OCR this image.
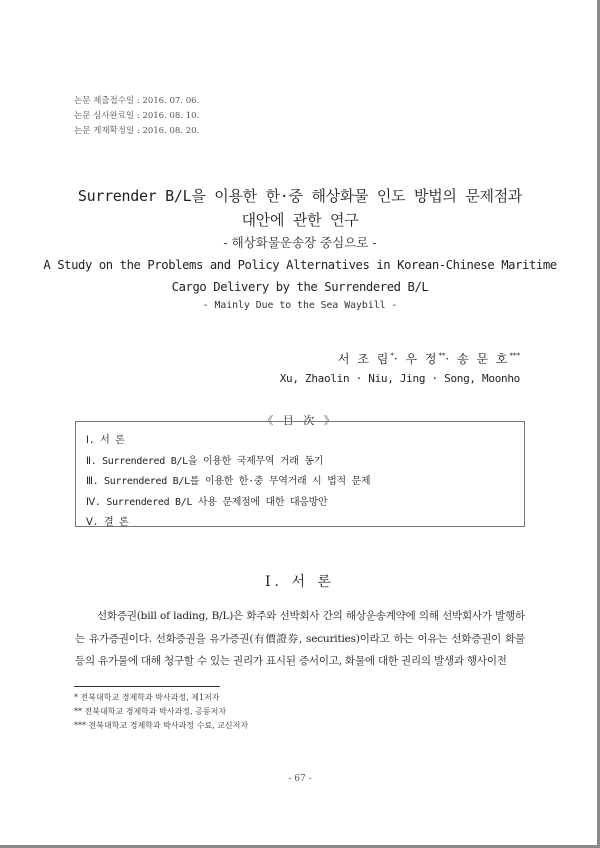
논문 제출접수일 : 2016. 07. 06.
논문 심사완료일 : 2016. 08. 10.
논문 게재확정일 : 2016. 08. 20.
Surrender B/L을 이용한 한·중 해상화물 인도 방법의 문제점과
대안에 관한 연구
- 해상화물운송장 중심으로 -
A Study on the Problems and Policy Alternatives in Korean-Chinese Maritime
Cargo Delivery by the Surrendered B/L
- Mainly Due to the Sea Waybill -
서 조 림*· 우 정**· 송 문 호***
Xu, Zhaolin · Niu, Jing · Song, Moonho
《 目 次 》
Ⅰ. 서 론
Ⅱ. Surrendered B/L을 이용한 국제무역 거래 동기
Ⅲ. Surrendered B/L를 이용한 한·중 무역거래 시 법적 문제
Ⅳ. Surrendered B/L 사용 문제점에 대한 대응방안
Ⅴ. 결 론
Ⅰ. 서 론

선화증권(bill of lading, B/L)은 화주와 선박회사 간의 해상운송계약에 의해 선박회사가 발행하는 유가증권이다. 선화증권을 유가증권(有價證券, securities)이라고 하는 이유는 선화증권이 화물 등의 유가물에 대해 청구할 수 있는 권리가 표시된 증서이고, 화물에 대한 권리의 발생과 행사이전

* 전북대학교 경제학과 박사과정, 제1저자
** 전북대학교 경제학과 박사과정, 공동저자
*** 전북대학교 경제학과 박사과정 수료, 교신저자
- 67 -
